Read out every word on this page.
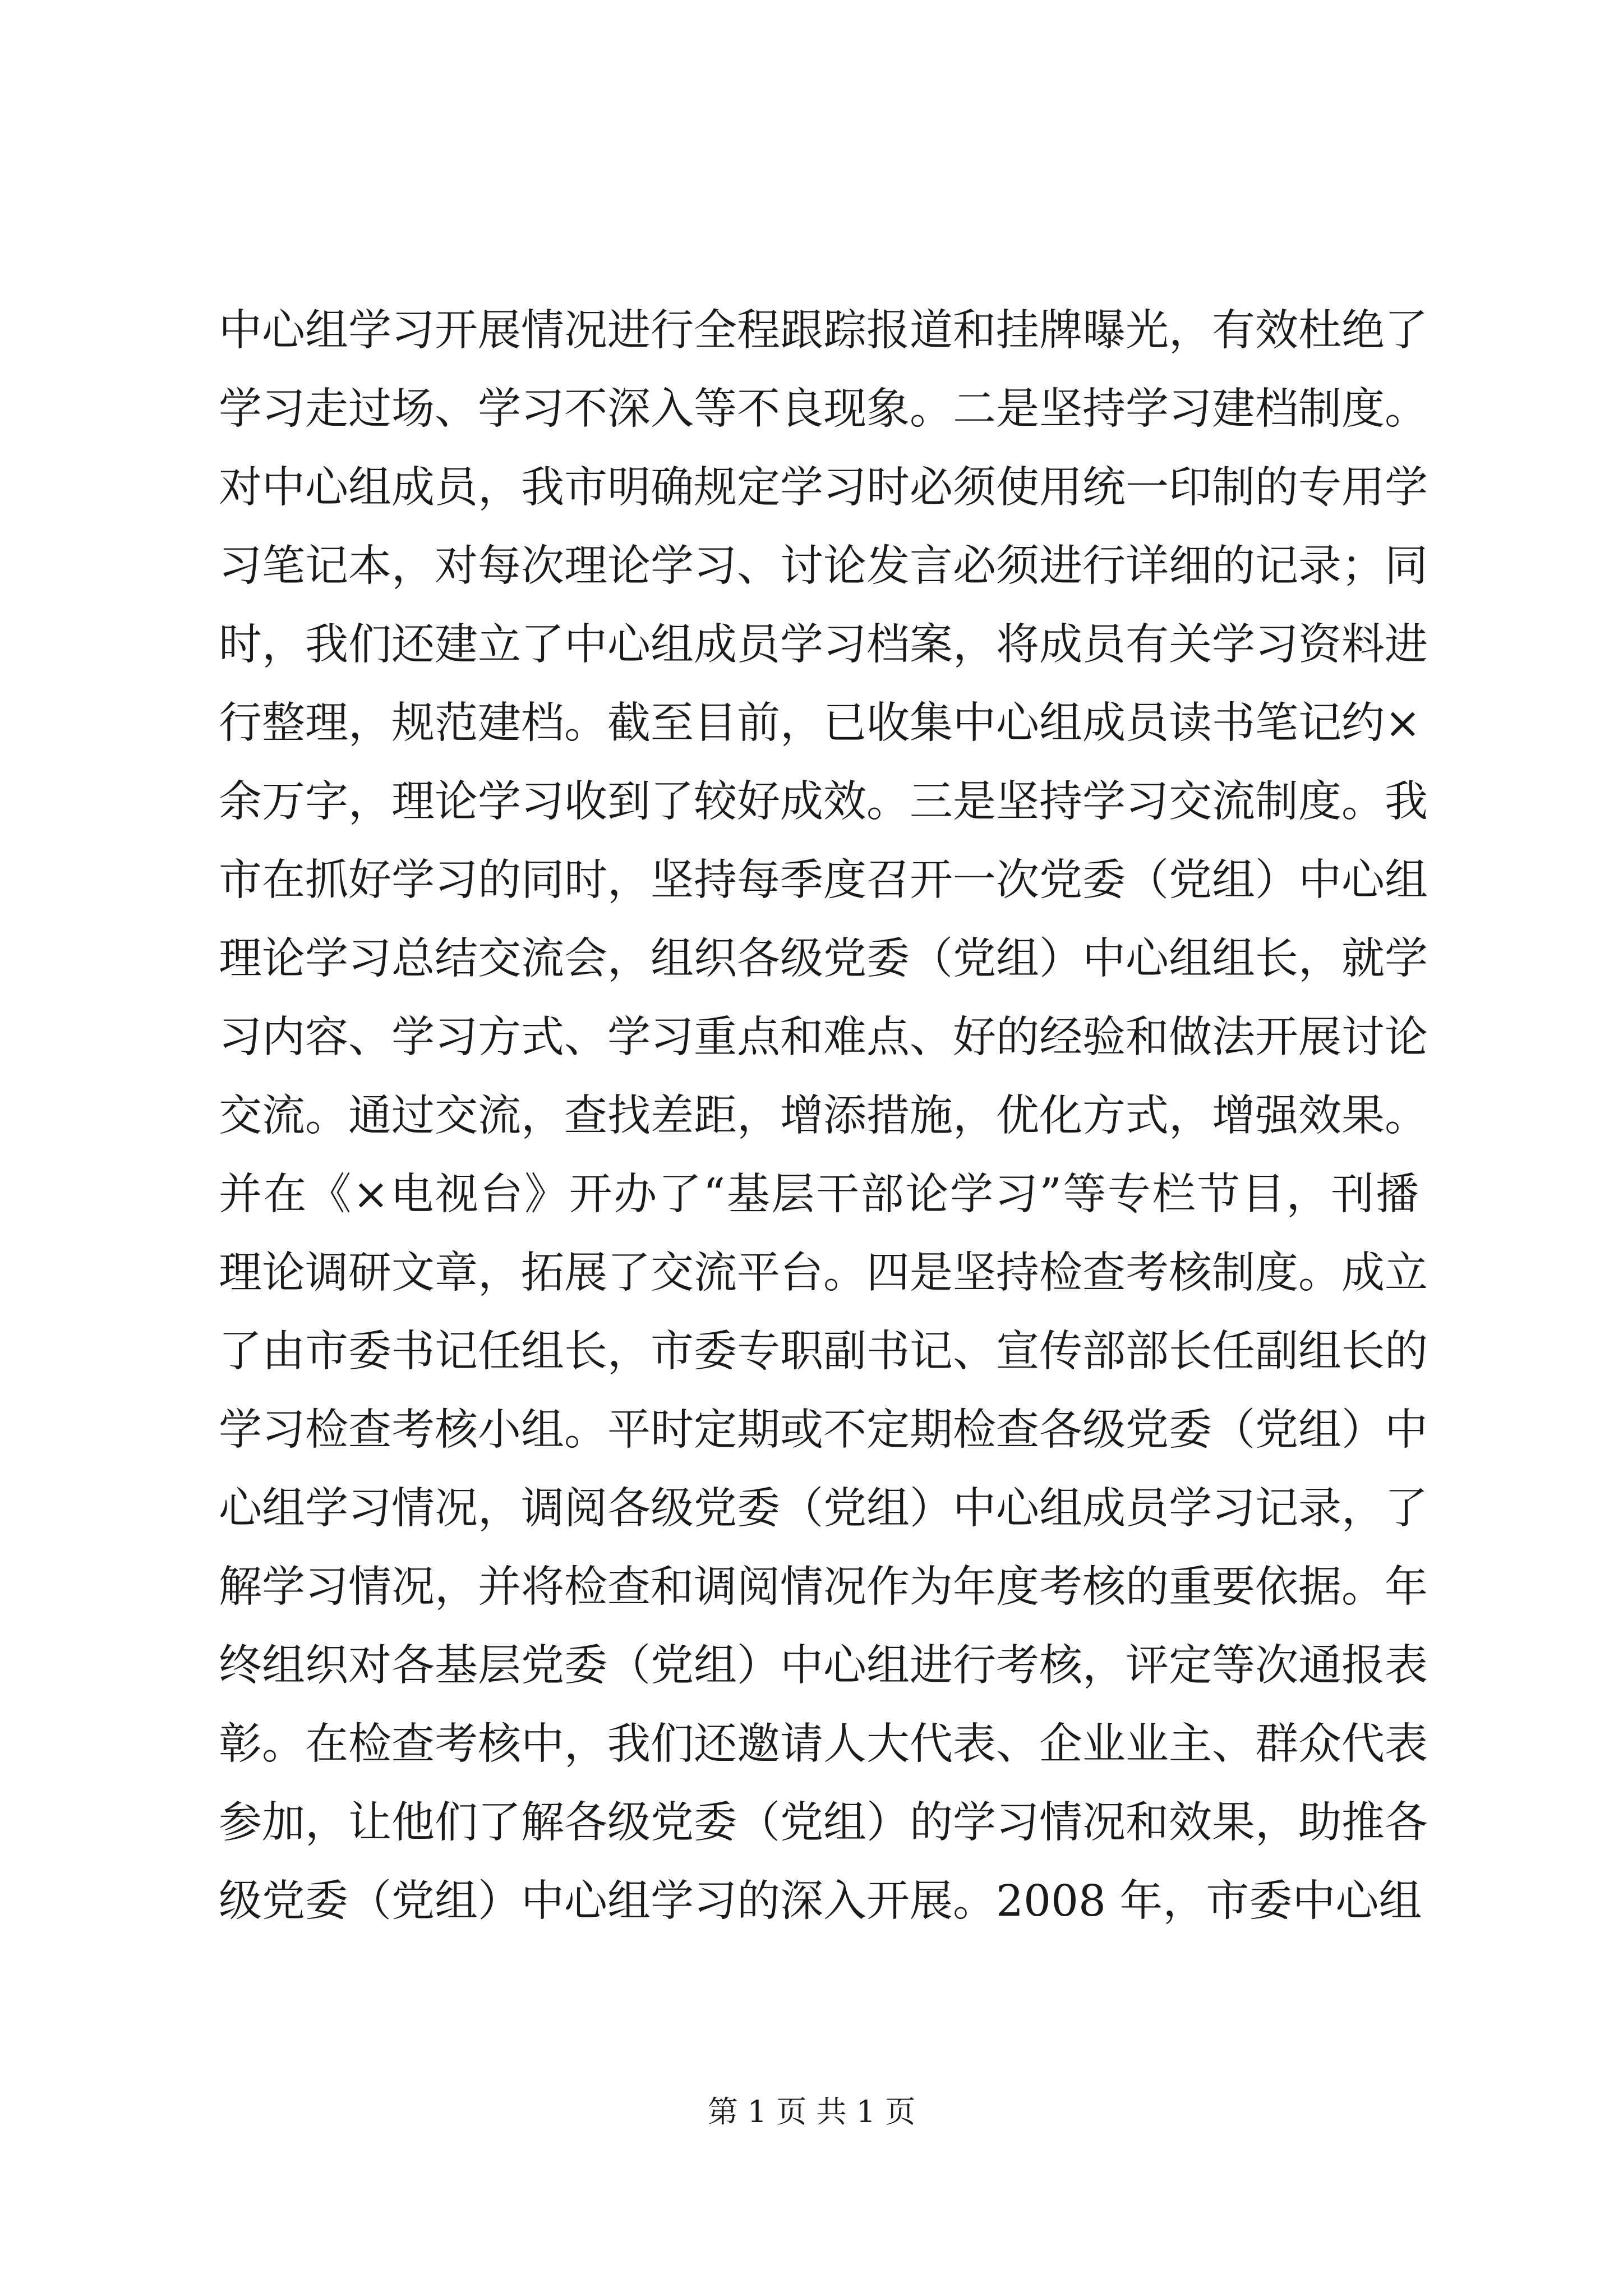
中心组学习开展情况进行全程跟踪报道和挂牌曝光，有效杜绝了
学习走过场、学习不深入等不良现象。二是坚持学习建档制度。
对中心组成员，我市明确规定学习时必须使用统一印制的专用学
习笔记本，对每次理论学习、讨论发言必须进行详细的记录；同
时，我们还建立了中心组成员学习档案，将成员有关学习资料进
行整理，规范建档。截至目前，已收集中心组成员读书笔记约×
余万字，理论学习收到了较好成效。三是坚持学习交流制度。我
市在抓好学习的同时，坚持每季度召开一次党委（党组）中心组
理论学习总结交流会，组织各级党委（党组）中心组组长，就学
习内容、学习方式、学习重点和难点、好的经验和做法开展讨论
交流。通过交流，查找差距，增添措施，优化方式，增强效果。
并在《×电视台》开办了“基层干部论学习”等专栏节目，刊播
理论调研文章，拓展了交流平台。四是坚持检查考核制度。成立
了由市委书记任组长，市委专职副书记、宣传部部长任副组长的
学习检查考核小组。平时定期或不定期检查各级党委（党组）中
心组学习情况，调阅各级党委（党组）中心组成员学习记录，了
解学习情况，并将检查和调阅情况作为年度考核的重要依据。年
终组织对各基层党委（党组）中心组进行考核，评定等次通报表
彰。在检查考核中，我们还邀请人大代表、企业业主、群众代表
参加，让他们了解各级党委（党组）的学习情况和效果，助推各
级党委（党组）中心组学习的深入开展。2008 年，市委中心组
第 1 页 共 1 页
